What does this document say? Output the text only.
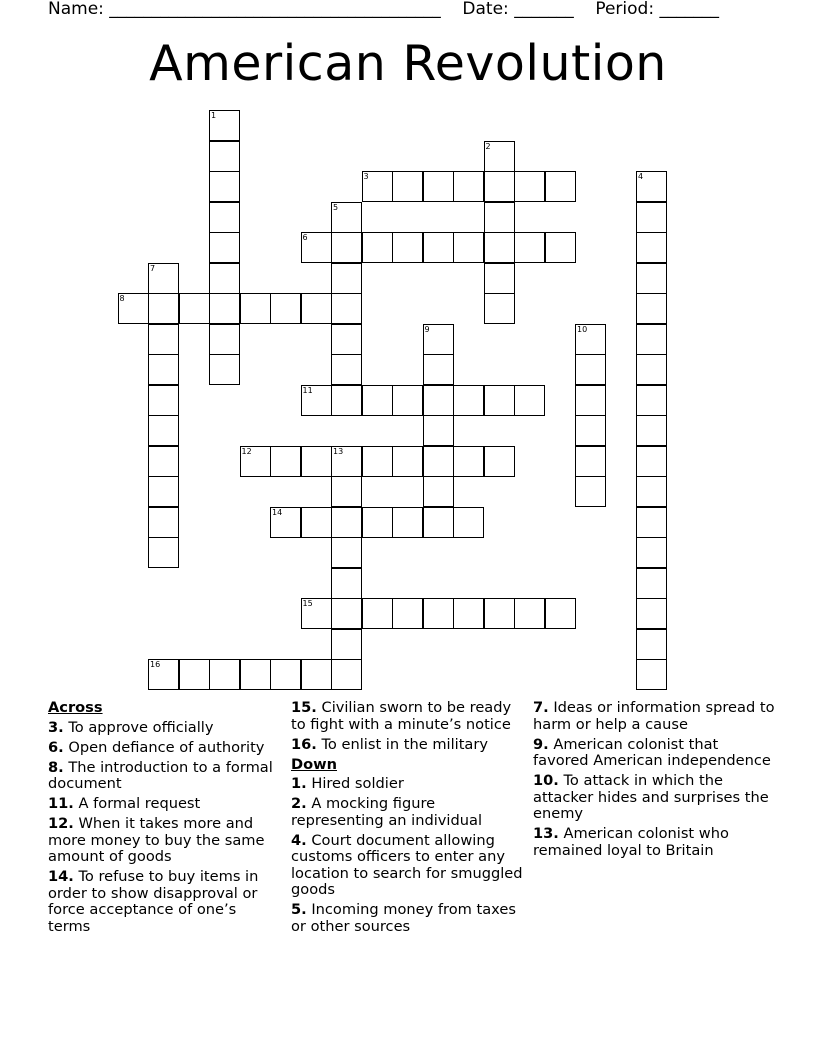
Name: _______________________________________ Date: _______ Period: _______
American Revolution
1
2
3	4
5
6
7
8
9	10
11
12	13
14
15
16
Across
3. To approve officially
6. Open defiance of authority
8. The introduction to a formal document
11. A formal request
12. When it takes more and more money to buy the same amount of goods
14. To refuse to buy items in order to show disapproval or force acceptance of one’s terms
15. Civilian sworn to be ready to fight with a minute’s notice
16. To enlist in the military
Down
1. Hired soldier
2. A mocking figure representing an individual
4. Court document allowing customs officers to enter any location to search for smuggled goods
5. Incoming money from taxes or other sources
7. Ideas or information spread to harm or help a cause
9. American colonist that favored American independence
10. To attack in which the attacker hides and surprises the enemy
13. American colonist who remained loyal to Britain
